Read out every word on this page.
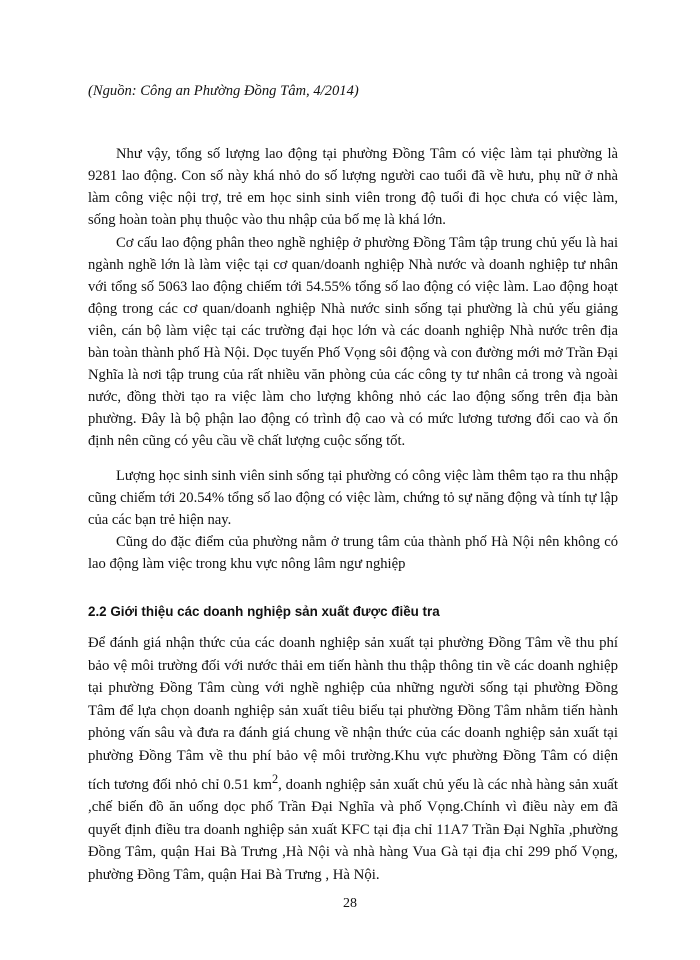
(Nguồn: Công an Phường Đồng Tâm, 4/2014)

Như vậy, tổng số lượng lao động tại phường Đồng Tâm có việc làm tại phường là 9281 lao động. Con số này khá nhỏ do số lượng người cao tuổi đã về hưu, phụ nữ ở nhà làm công việc nội trợ, trẻ em học sinh sinh viên trong độ tuổi đi học chưa có việc làm, sống hoàn toàn phụ thuộc vào thu nhập của bố mẹ là khá lớn.

Cơ cấu lao động phân theo nghề nghiệp ở phường Đồng Tâm tập trung chủ yếu là hai ngành nghề lớn là làm việc tại cơ quan/doanh nghiệp Nhà nước và doanh nghiệp tư nhân với tổng số 5063 lao động chiếm tới 54.55% tổng số lao động có việc làm. Lao động hoạt động trong các cơ quan/doanh nghiệp Nhà nước sinh sống tại phường là chủ yếu giảng viên, cán bộ làm việc tại các trường đại học lớn và các doanh nghiệp Nhà nước trên địa bàn toàn thành phố Hà Nội. Dọc tuyến Phố Vọng sôi động và con đường mới mở Trần Đại Nghĩa là nơi tập trung của rất nhiều văn phòng của các công ty tư nhân cả trong và ngoài nước, đồng thời tạo ra việc làm cho lượng không nhỏ các lao động sống trên địa bàn phường. Đây là bộ phận lao động có trình độ cao và có mức lương tương đối cao và ổn định nên cũng có yêu cầu về chất lượng cuộc sống tốt.

Lượng học sinh sinh viên sinh sống tại phường có công việc làm thêm tạo ra thu nhập cũng chiếm tới 20.54% tổng số lao động có việc làm, chứng tỏ sự năng động và tính tự lập của các bạn trẻ hiện nay.

Cũng do đặc điểm của phường nằm ở trung tâm của thành phố Hà Nội nên không có lao động làm việc trong khu vực nông lâm ngư nghiệp

2.2 Giới thiệu các doanh nghiệp sản xuất được điều tra

Để đánh giá nhận thức của các doanh nghiệp sản xuất tại phường Đồng Tâm về thu phí bảo vệ môi trường đối với nước thải em tiến hành thu thập thông tin về các doanh nghiệp tại phường Đồng Tâm cùng với nghề nghiệp của những người sống tại phường Đồng Tâm để lựa chọn doanh nghiệp sản xuất tiêu biểu tại phường Đồng Tâm nhằm tiến hành phỏng vấn sâu và đưa ra đánh giá chung về nhận thức của các doanh nghiệp sản xuất tại phường Đồng Tâm về thu phí bảo vệ môi trường.Khu vực phường Đồng Tâm có diện tích tương đối nhỏ chỉ 0.51 $km^2$, doanh nghiệp sản xuất chủ yếu là các nhà hàng sản xuất ,chế biến đồ ăn uống dọc phố Trần Đại Nghĩa và phố Vọng.Chính vì điều này em đã quyết định điều tra doanh nghiệp sản xuất KFC tại địa chỉ 11A7 Trần Đại Nghĩa ,phường Đồng Tâm, quận Hai Bà Trưng ,Hà Nội và nhà hàng Vua Gà tại địa chỉ 299 phố Vọng, phường Đồng Tâm, quận Hai Bà Trưng , Hà Nội.

28
